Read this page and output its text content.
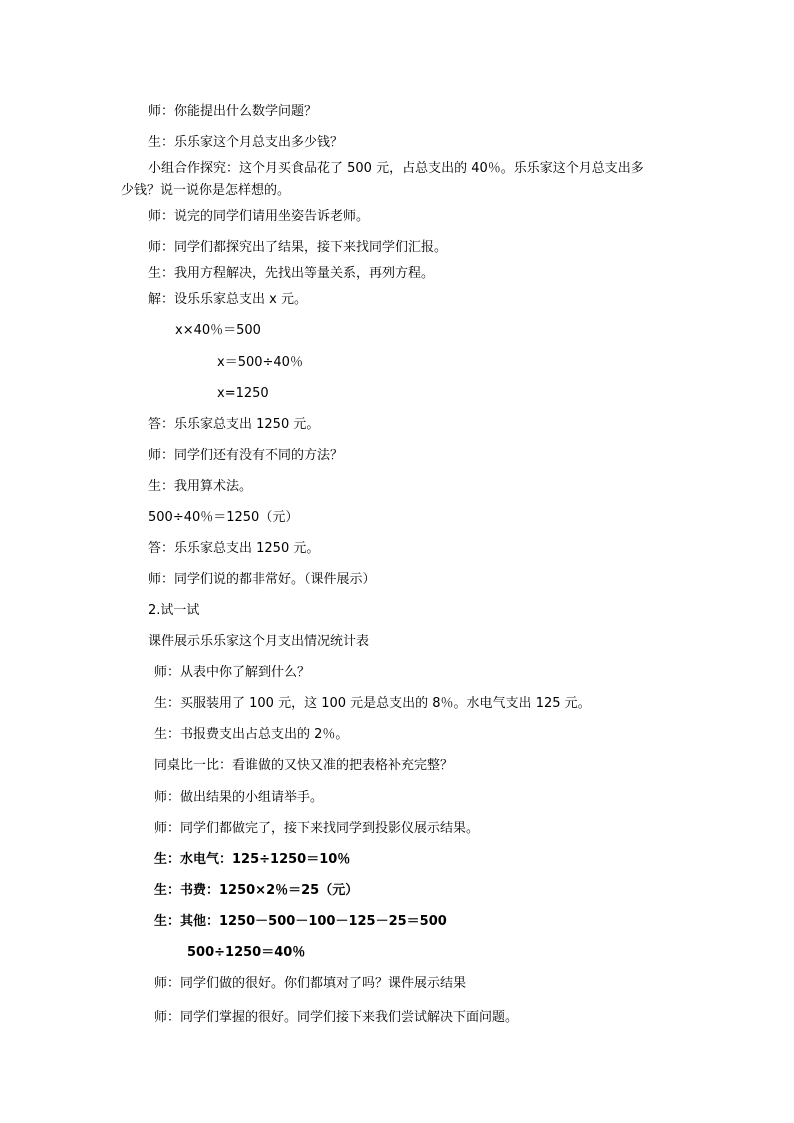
师：你能提出什么数学问题？
生：乐乐家这个月总支出多少钱？
小组合作探究：这个月买食品花了 500 元，占总支出的 40％。乐乐家这个月总支出多
少钱？说一说你是怎样想的。
师：说完的同学们请用坐姿告诉老师。
师：同学们都探究出了结果，接下来找同学们汇报。
生：我用方程解决，先找出等量关系，再列方程。
解：设乐乐家总支出 x 元。
x×40％＝500
x＝500÷40％
x=1250
答：乐乐家总支出 1250 元。
师：同学们还有没有不同的方法？
生：我用算术法。
500÷40％＝1250（元）
答：乐乐家总支出 1250 元。
师：同学们说的都非常好。（课件展示）
2.试一试
课件展示乐乐家这个月支出情况统计表
师：从表中你了解到什么？
生：买服装用了 100 元，这 100 元是总支出的 8％。水电气支出 125 元。
生：书报费支出占总支出的 2％。
同桌比一比：看谁做的又快又准的把表格补充完整？
师：做出结果的小组请举手。
师：同学们都做完了，接下来找同学到投影仪展示结果。
生：水电气：125÷1250＝10％
生：书费：1250×2％＝25（元）
生：其他：1250－500－100－125－25＝500
500÷1250＝40％
师：同学们做的很好。你们都填对了吗？课件展示结果
师：同学们掌握的很好。同学们接下来我们尝试解决下面问题。
